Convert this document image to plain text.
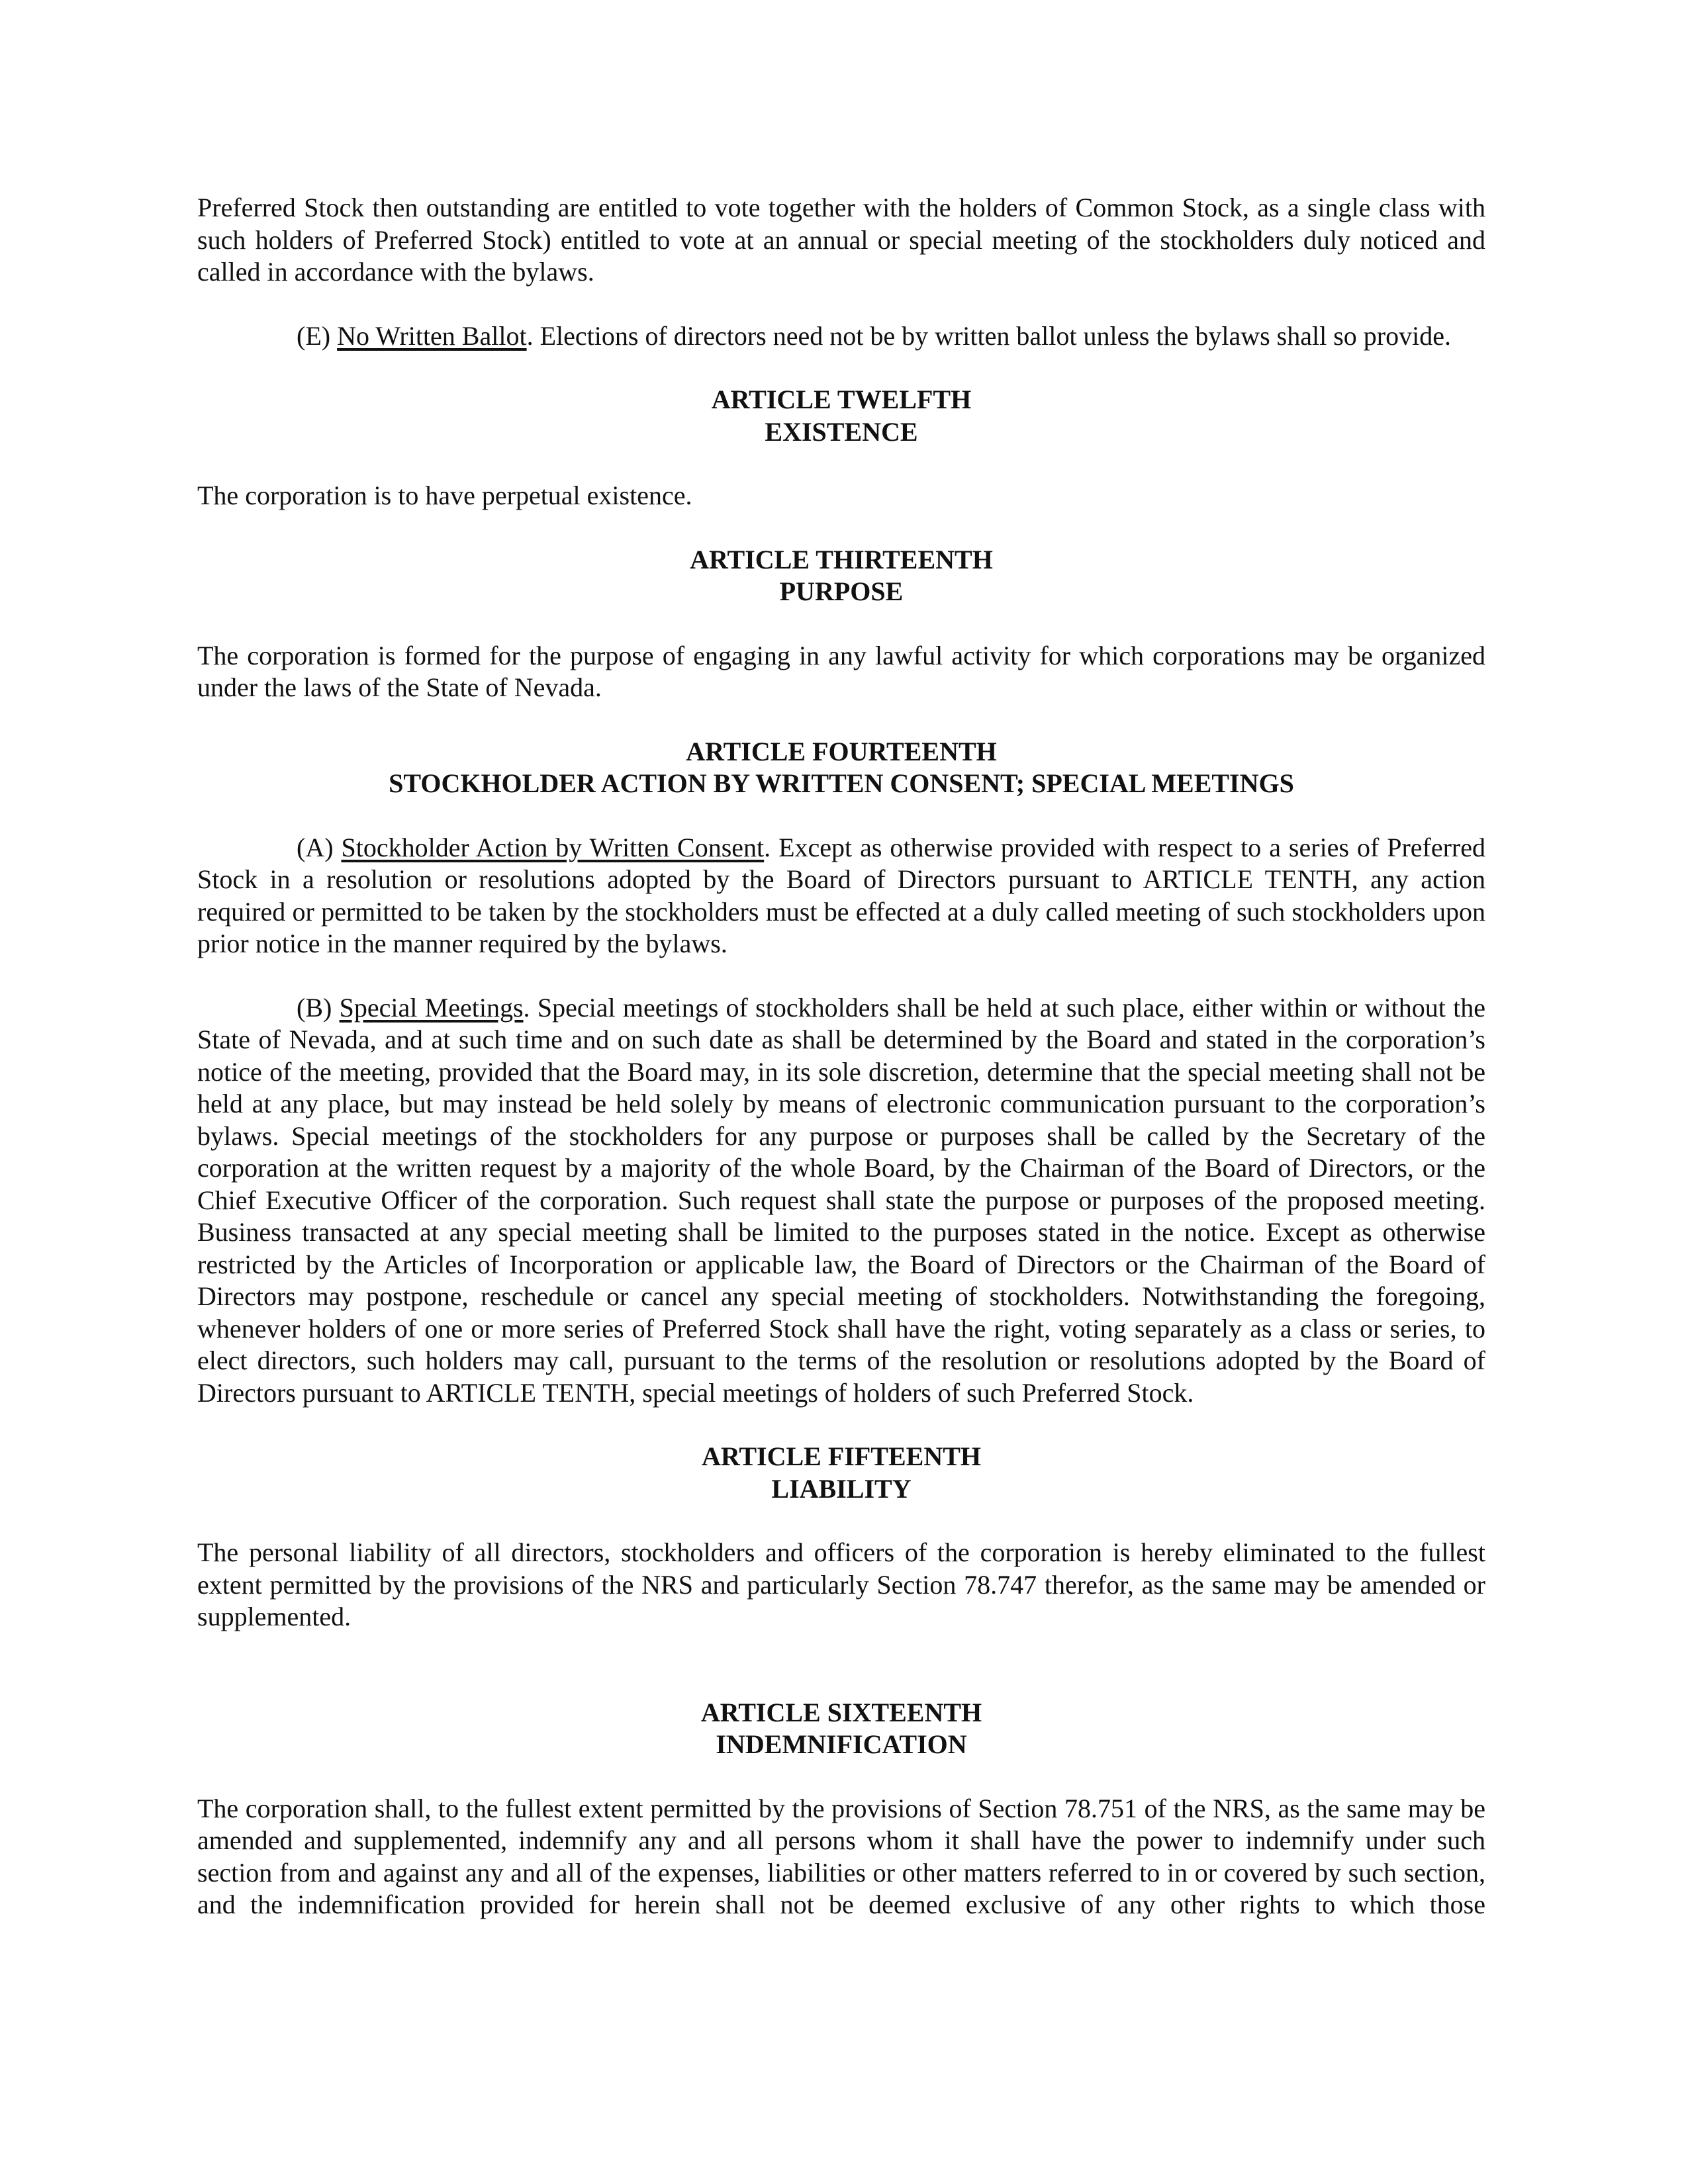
Preferred Stock then outstanding are entitled to vote together with the holders of Common Stock, as a single class with such holders of Preferred Stock) entitled to vote at an annual or special meeting of the stockholders duly noticed and called in accordance with the bylaws.

(E) No Written Ballot. Elections of directors need not be by written ballot unless the bylaws shall so provide.

ARTICLE TWELFTH
EXISTENCE

The corporation is to have perpetual existence.

ARTICLE THIRTEENTH
PURPOSE

The corporation is formed for the purpose of engaging in any lawful activity for which corporations may be organized under the laws of the State of Nevada.

ARTICLE FOURTEENTH
STOCKHOLDER ACTION BY WRITTEN CONSENT; SPECIAL MEETINGS

(A) Stockholder Action by Written Consent. Except as otherwise provided with respect to a series of Preferred Stock in a resolution or resolutions adopted by the Board of Directors pursuant to ARTICLE TENTH, any action required or permitted to be taken by the stockholders must be effected at a duly called meeting of such stockholders upon prior notice in the manner required by the bylaws.

(B) Special Meetings. Special meetings of stockholders shall be held at such place, either within or without the State of Nevada, and at such time and on such date as shall be determined by the Board and stated in the corporation’s notice of the meeting, provided that the Board may, in its sole discretion, determine that the special meeting shall not be held at any place, but may instead be held solely by means of electronic communication pursuant to the corporation’s bylaws. Special meetings of the stockholders for any purpose or purposes shall be called by the Secretary of the corporation at the written request by a majority of the whole Board, by the Chairman of the Board of Directors, or the Chief Executive Officer of the corporation. Such request shall state the purpose or purposes of the proposed meeting. Business transacted at any special meeting shall be limited to the purposes stated in the notice. Except as otherwise restricted by the Articles of Incorporation or applicable law, the Board of Directors or the Chairman of the Board of Directors may postpone, reschedule or cancel any special meeting of stockholders. Notwithstanding the foregoing, whenever holders of one or more series of Preferred Stock shall have the right, voting separately as a class or series, to elect directors, such holders may call, pursuant to the terms of the resolution or resolutions adopted by the Board of Directors pursuant to ARTICLE TENTH, special meetings of holders of such Preferred Stock.

ARTICLE FIFTEENTH
LIABILITY

The personal liability of all directors, stockholders and officers of the corporation is hereby eliminated to the fullest extent permitted by the provisions of the NRS and particularly Section 78.747 therefor, as the same may be amended or supplemented.

ARTICLE SIXTEENTH
INDEMNIFICATION

The corporation shall, to the fullest extent permitted by the provisions of Section 78.751 of the NRS, as the same may be amended and supplemented, indemnify any and all persons whom it shall have the power to indemnify under such section from and against any and all of the expenses, liabilities or other matters referred to in or covered by such section, and the indemnification provided for herein shall not be deemed exclusive of any other rights to which those
